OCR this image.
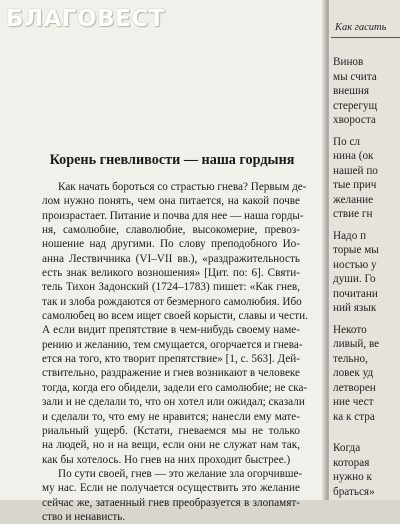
БЛАГОВЕСТ
Корень гневливости — наша гордыня
Как начать бороться со страстью гнева? Первым де-
лом нужно понять, чем она питается, на какой почве
произрастает. Питание и почва для нее — наша горды-
ня, самолюбие, славолюбие, высокомерие, превоз-
ношение над другими. По слову преподобного Ио-
анна Лествичника (VI–VII вв.), «раздражительность
есть знак великого возношения» [Цит. по: 6]. Святи-
тель Тихон Задонский (1724–1783) пишет: «Как гнев,
так и злоба рождаются от безмерного самолюбия. Ибо
самолюбец во всем ищет своей корысти, славы и чести.
А если видит препятствие в чем-нибудь своему наме-
рению и желанию, тем смущается, огорчается и гнева-
ется на того, кто творит препятствие» [1, с. 563]. Дей-
ствительно, раздражение и гнев возникают в человеке
тогда, когда его обидели, задели его самолюбие; не ска-
зали и не сделали то, что он хотел или ожидал; сказали
и сделали то, что ему не нравится; нанесли ему мате-
риальный ущерб. (Кстати, гневаемся мы не только
на людей, но и на вещи, если они не служат нам так,
как бы хотелось. Но гнев на них проходит быстрее.)
По сути своей, гнев — это желание зла огорчивше-
му нас. Если не получается осуществить это желание
сейчас же, затаенный гнев преобразуется в злопамят-
ство и ненависть.
Как гасить
Винов
мы счита
внешня
стерегущ
хвороста
По сл
нина (ок
нашей по
тые прич
желание
ствие гн
Надо п
торые мы
ностью у
души. Го
почитани
ний язык
Некото
ливый, ве
тельно,
ловек уд
летворен
ние чест
ка к стра
Когда
которая
нужно к
браться»
